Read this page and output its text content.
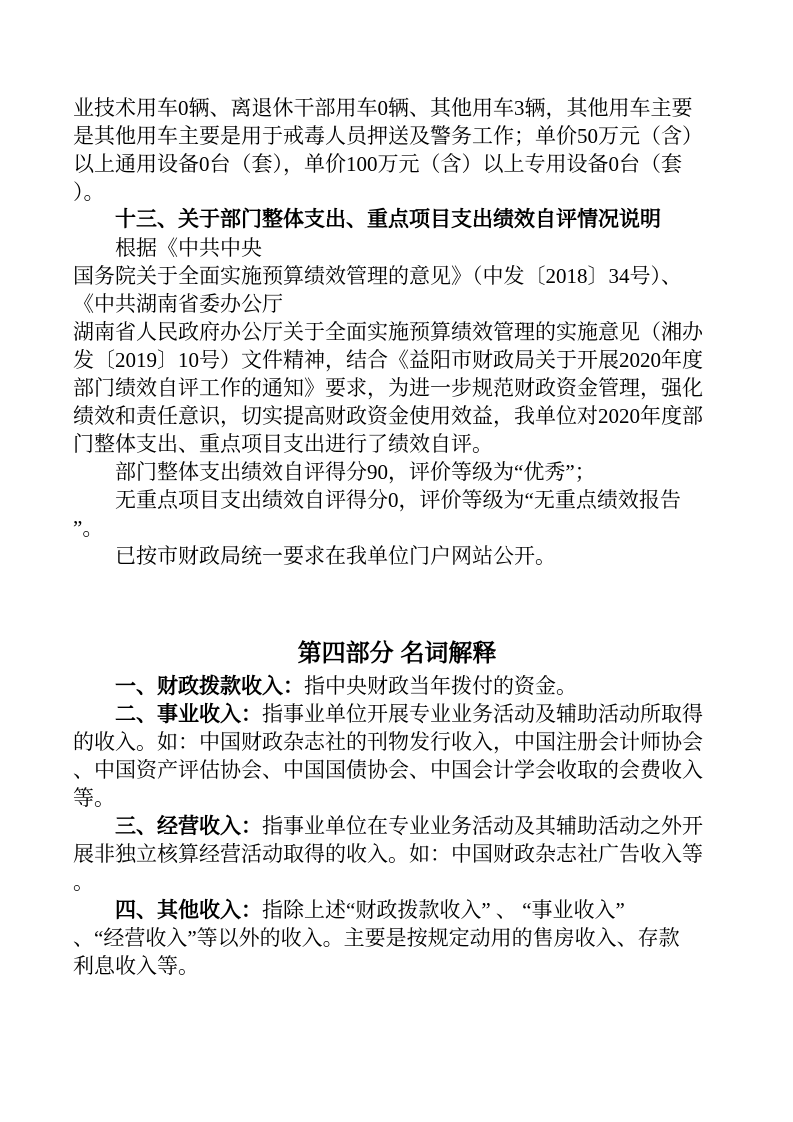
业技术用车0辆、离退休干部用车0辆、其他用车3辆，其他用车主要
是其他用车主要是用于戒毒人员押送及警务工作；单价50万元（含）
以上通用设备0台（套），单价100万元（含）以上专用设备0台（套
）。
十三、关于部门整体支出、重点项目支出绩效自评情况说明
根据《中共中央
国务院关于全面实施预算绩效管理的意见》（中发〔2018〕34号）、
《中共湖南省委办公厅
湖南省人民政府办公厅关于全面实施预算绩效管理的实施意见（湘办
发〔2019〕10号）文件精神，结合《益阳市财政局关于开展2020年度
部门绩效自评工作的通知》要求，为进一步规范财政资金管理，强化
绩效和责任意识，切实提高财政资金使用效益，我单位对2020年度部
门整体支出、重点项目支出进行了绩效自评。
部门整体支出绩效自评得分90，评价等级为“优秀”；
无重点项目支出绩效自评得分0，评价等级为“无重点绩效报告
”。
已按市财政局统一要求在我单位门户网站公开。
第四部分 名词解释
一、财政拨款收入：指中央财政当年拨付的资金。
二、事业收入：指事业单位开展专业业务活动及辅助活动所取得
的收入。如：中国财政杂志社的刊物发行收入，中国注册会计师协会
、中国资产评估协会、中国国债协会、中国会计学会收取的会费收入
等。
三、经营收入：指事业单位在专业业务活动及其辅助活动之外开
展非独立核算经营活动取得的收入。如：中国财政杂志社广告收入等
。
四、其他收入：指除上述“财政拨款收入” 、 “事业收入”
、“经营收入”等以外的收入。主要是按规定动用的售房收入、存款
利息收入等。
